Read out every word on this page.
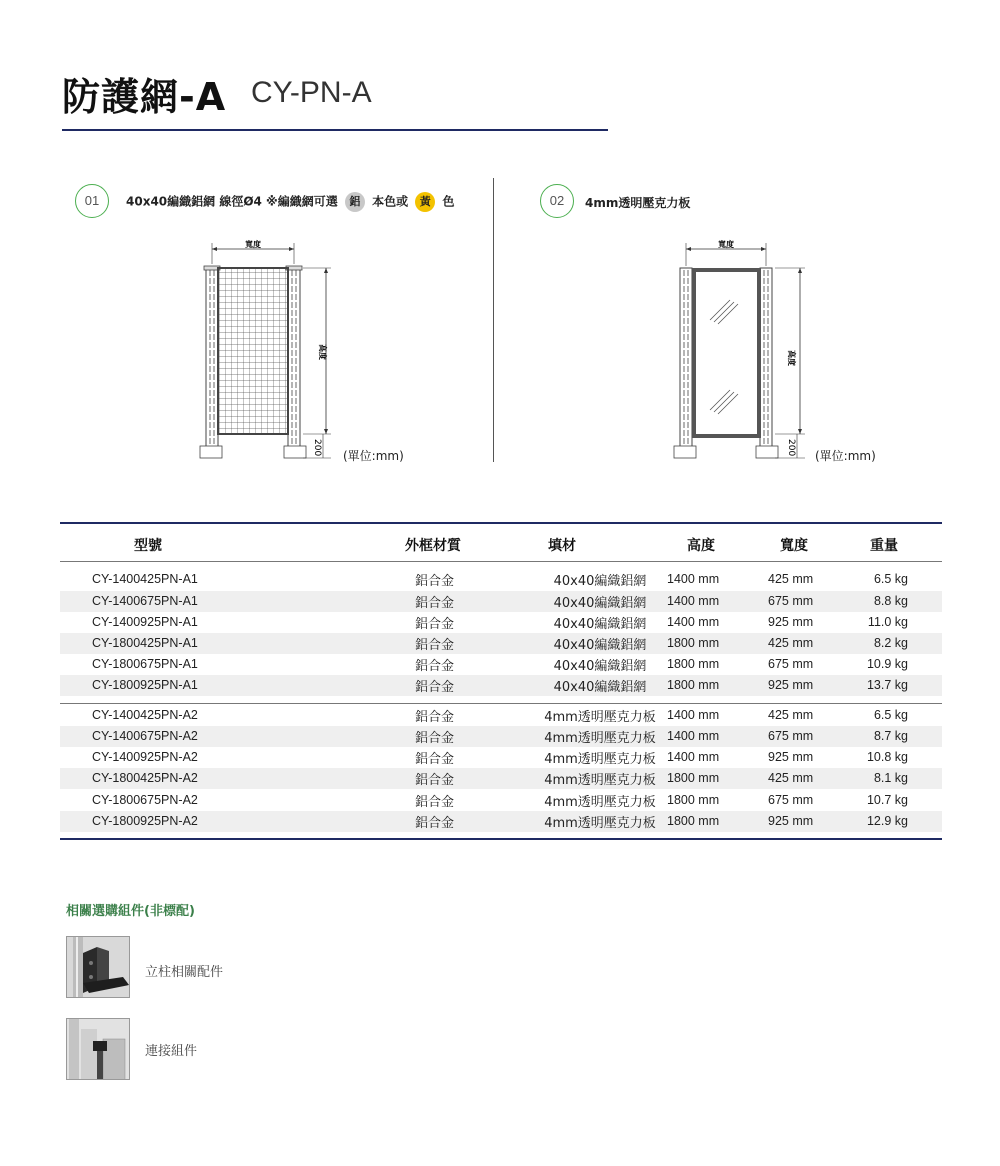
防護網-A CY-PN-A
01	40x40編織鋁網 線徑Ø4 ※編織網可選 鋁 本色或 黃 色
寬度
高度
200 (單位:mm)
02	4mm透明壓克力板
寬度
高度
200 (單位:mm)
型號	外框材質	填材	高度	寬度	重量
CY-1400425PN-A1	鋁合金	40x40編織鋁網	1400 mm	425 mm	6.5 kg
CY-1400675PN-A1	鋁合金	40x40編織鋁網	1400 mm	675 mm	8.8 kg
CY-1400925PN-A1	鋁合金	40x40編織鋁網	1400 mm	925 mm	11.0 kg
CY-1800425PN-A1	鋁合金	40x40編織鋁網	1800 mm	425 mm	8.2 kg
CY-1800675PN-A1	鋁合金	40x40編織鋁網	1800 mm	675 mm	10.9 kg
CY-1800925PN-A1	鋁合金	40x40編織鋁網	1800 mm	925 mm	13.7 kg
CY-1400425PN-A2	鋁合金	4mm透明壓克力板 1400 mm	425 mm	6.5 kg
CY-1400675PN-A2	鋁合金	4mm透明壓克力板 1400 mm	675 mm	8.7 kg
CY-1400925PN-A2	鋁合金	4mm透明壓克力板 1400 mm	925 mm	10.8 kg
CY-1800425PN-A2	鋁合金	4mm透明壓克力板 1800 mm	425 mm	8.1 kg
CY-1800675PN-A2	鋁合金	4mm透明壓克力板 1800 mm	675 mm	10.7 kg
CY-1800925PN-A2	鋁合金	4mm透明壓克力板 1800 mm	925 mm	12.9 kg
相關選購組件(非標配)
立柱相關配件
連接組件
